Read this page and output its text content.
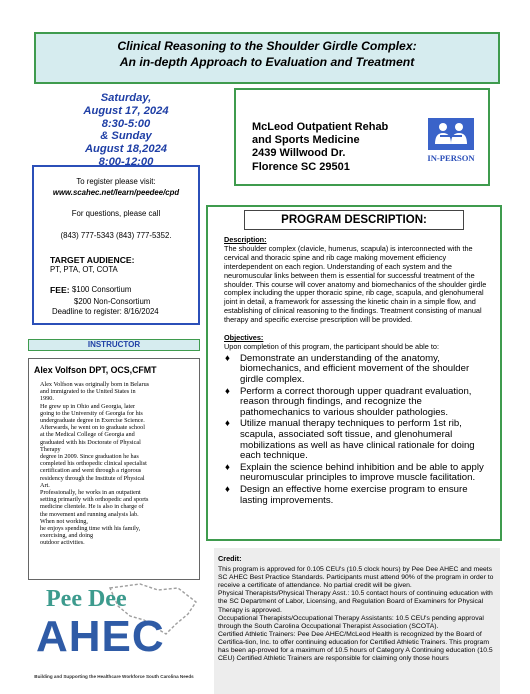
Clinical Reasoning to the Shoulder Girdle Complex:
An in-depth Approach to Evaluation and Treatment
Saturday,
August 17, 2024
8:30-5:00
& Sunday
August 18,2024
8:00-12:00
McLeod Outpatient Rehab
and Sports Medicine
2439 Willwood Dr.
Florence SC 29501
IN-PERSON
To register please visit:
www.scahec.net/learn/peedee/cpd
For questions, please call
(843) 777-5343 (843) 777-5352.
TARGET AUDIENCE:
PT, PTA, OT, COTA
FEE: $100 Consortium
$200 Non-Consortium
Deadline to register: 8/16/2024
PROGRAM DESCRIPTION:
Description:

The shoulder complex (clavicle, humerus, scapula) is interconnected with the cervical and thoracic spine and rib cage making movement efficiency interdependent on each region. Understanding of each system and the neuromuscular links between them is essential for successful treatment of the shoulder. This course will cover anatomy and biomechanics of the shoulder girdle complex including the upper thoracic spine, rib cage, scapula, and glenohumeral joint in detail, a framework for assessing the kinetic chain in a simple flow, and establishing of clinical reasoning to the findings. Treatment consisting of manual therapy and specific exercise prescription will be provided.

Objectives:
Upon completion of this program, the participant should be able to:
♦ Demonstrate an understanding of the anatomy, biomechanics, and efficient movement of the shoulder girdle complex.
♦ Perform a correct thorough upper quadrant evaluation, reason through findings, and recognize the pathomechanics to various shoulder pathologies.
♦ Utilize manual therapy techniques to perform 1st rib, scapula, associated soft tissue, and glenohumeral mobilizations as well as have clinical rationale for doing each technique.
♦ Explain the science behind inhibition and be able to apply neuromuscular principles to improve muscle facilitation.
♦ Design an effective home exercise program to ensure lasting improvements.
INSTRUCTOR
Alex Volfson DPT, OCS,CFMT
Alex Volfson was originally born in Belarus
and immigrated to the United States in
1990.
He grew up in Ohio and Georgia, later
going to the University of Georgia for his
undergraduate degree in Exercise Science.
Afterwards, he went on to graduate school
at the Medical College of Georgia and
graduated with his Doctorate of Physical
Therapy
degree in 2009. Since graduation he has
completed his orthopedic clinical specialist
certification and went through a rigorous
residency through the Institute of Physical
Art.
Professionally, he works in an outpatient
setting primarily with orthopedic and sports
medicine clientele. He is also in charge of
the movement and running analysis lab.
When not working,
he enjoys spending time with his family,
exercising, and doing
outdoor activities.
Credit:

This program is approved for 0.105 CEU's (10.5 clock hours) by Pee Dee AHEC and meets SC AHEC Best Practice Standards. Participants must attend 90% of the program in order to receive a certificate of attendance. No partial credit will be given.

Physical Therapists/Physical Therapy Asst.: 10.5 contact hours of continuing education with the SC Department of Labor, Licensing, and Regulation Board of Examiners for Physical Therapy is approved.

Occupational Therapists/Occupational Therapy Assistants: 10.5 CEU's pending approval through the South Carolina Occupational Therapist Association (SCOTA).

Certified Athletic Trainers: Pee Dee AHEC/McLeod Health is recognized by the Board of Certifica-tion, Inc. to offer continuing education for Certified Athletic Trainers. This program has been ap-proved for a maximum of 10.5 hours of Category A Continuing education (10.5 CEU) Certified Athletic Trainers are responsible for claiming only those hours

Pee Dee
AHEC
Building and Supporting the Healthcare Workforce South Carolina Needs
